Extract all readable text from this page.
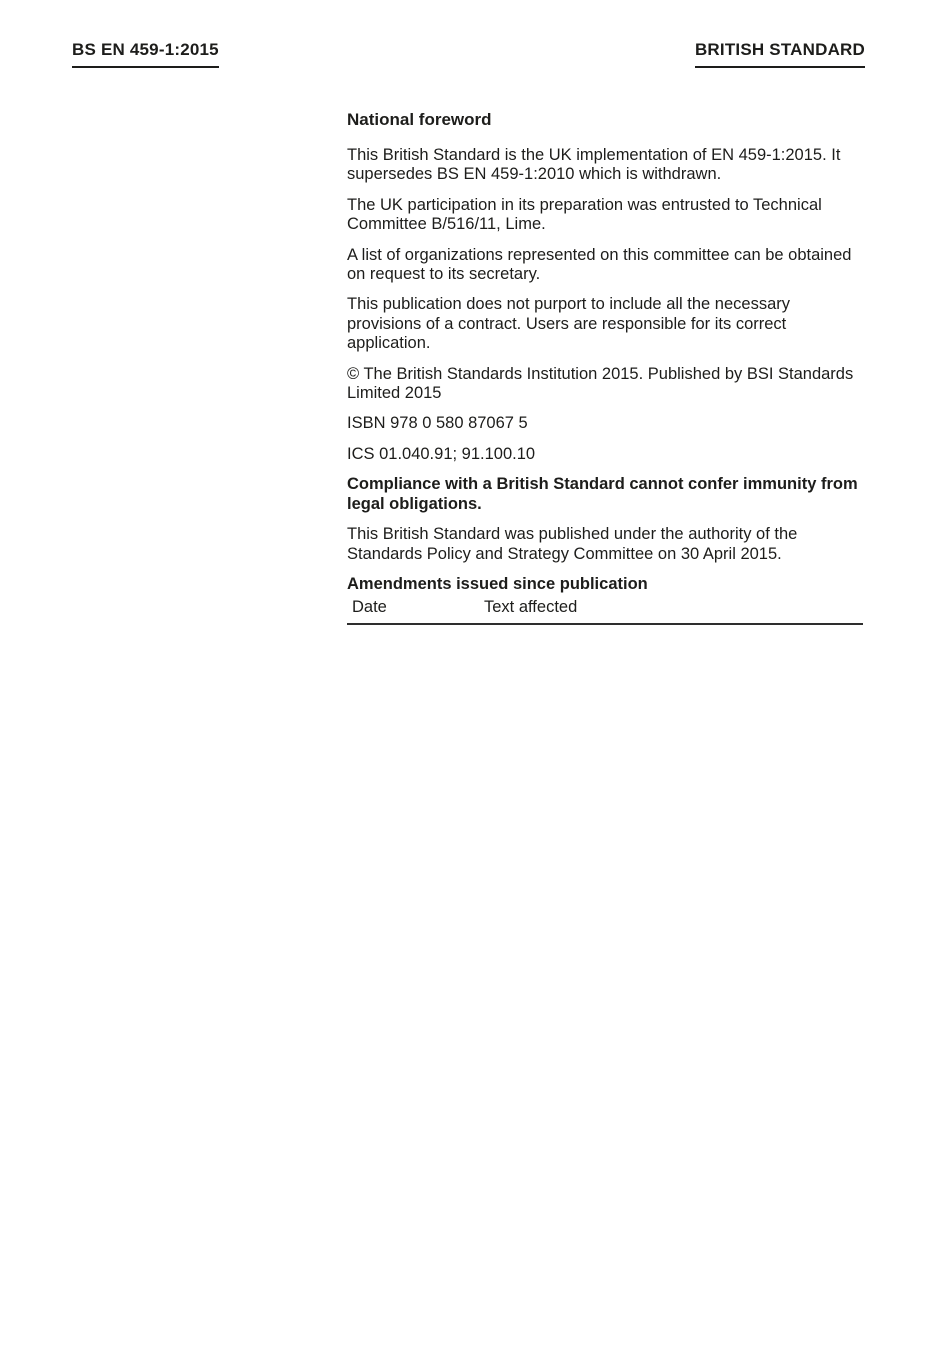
BS EN 459-1:2015	BRITISH STANDARD
National foreword

This British Standard is the UK implementation of EN 459-1:2015. It supersedes BS EN 459-1:2010 which is withdrawn.

The UK participation in its preparation was entrusted to Technical Committee B/516/11, Lime.

A list of organizations represented on this committee can be obtained on request to its secretary.

This publication does not purport to include all the necessary provisions of a contract. Users are responsible for its correct application.

© The British Standards Institution 2015. Published by BSI Standards Limited 2015

ISBN 978 0 580 87067 5

ICS 01.040.91; 91.100.10

Compliance with a British Standard cannot confer immunity from legal obligations.

This British Standard was published under the authority of the Standards Policy and Strategy Committee on 30 April 2015.

Amendments issued since publication
Date	Text affected
